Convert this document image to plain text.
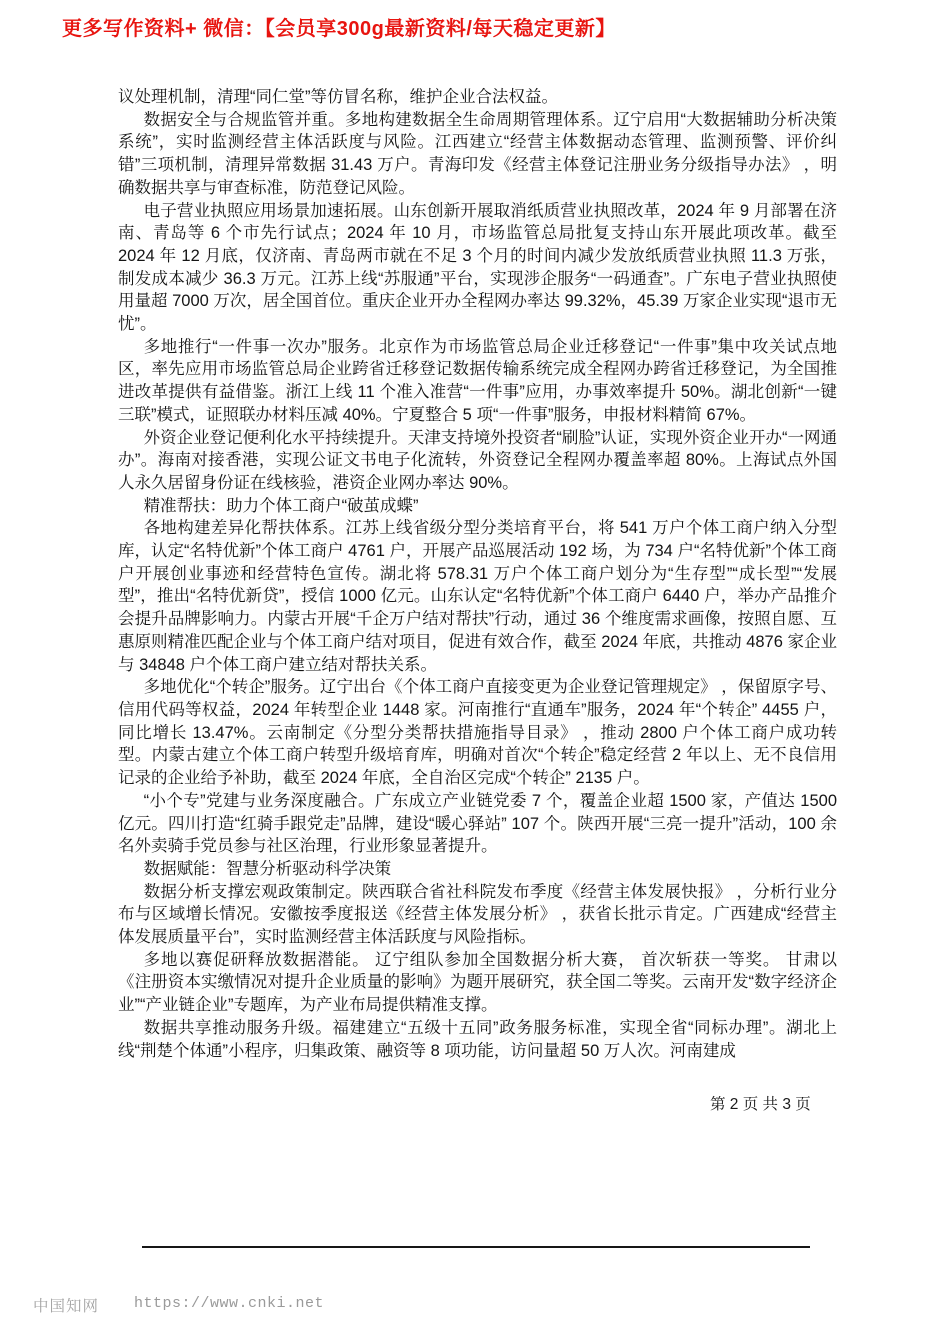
更多写作资料+ 微信：【会员享300g最新资料/每天稳定更新】

议处理机制，清理“同仁堂”等仿冒名称，维护企业合法权益。

数据安全与合规监管并重。多地构建数据全生命周期管理体系。辽宁启用“大数据辅助分析决策系统”，实时监测经营主体活跃度与风险。江西建立“经营主体数据动态管理、监测预警、评价纠错”三项机制，清理异常数据 31.43 万户。青海印发《经营主体登记注册业务分级指导办法》 ，明确数据共享与审查标准，防范登记风险。

电子营业执照应用场景加速拓展。山东创新开展取消纸质营业执照改革，2024 年 9 月部署在济南、青岛等 6 个市先行试点；2024 年 10 月，市场监管总局批复支持山东开展此项改革。截至 2024 年 12 月底，仅济南、青岛两市就在不足 3 个月的时间内减少发放纸质营业执照 11.3 万张，制发成本减少 36.3 万元。江苏上线“苏服通”平台，实现涉企服务“一码通查”。广东电子营业执照使用量超 7000 万次，居全国首位。重庆企业开办全程网办率达 99.32%，45.39 万家企业实现“退市无忧”。

多地推行“一件事一次办”服务。北京作为市场监管总局企业迁移登记“一件事”集中攻关试点地区，率先应用市场监管总局企业跨省迁移登记数据传输系统完成全程网办跨省迁移登记，为全国推进改革提供有益借鉴。浙江上线 11 个准入准营“一件事”应用，办事效率提升 50%。湖北创新“一键三联”模式，证照联办材料压减 40%。宁夏整合 5 项“一件事”服务，申报材料精简 67%。

外资企业登记便利化水平持续提升。天津支持境外投资者“刷脸”认证，实现外资企业开办“一网通办”。海南对接香港，实现公证文书电子化流转，外资登记全程网办覆盖率超 80%。上海试点外国人永久居留身份证在线核验，港资企业网办率达 90%。

精准帮扶：助力个体工商户“破茧成蝶”

各地构建差异化帮扶体系。江苏上线省级分型分类培育平台，将 541 万户个体工商户纳入分型库，认定“名特优新”个体工商户 4761 户，开展产品巡展活动 192 场，为 734 户“名特优新”个体工商户开展创业事迹和经营特色宣传。湖北将 578.31 万户个体工商户划分为“生存型”“成长型”“发展型”，推出“名特优新贷”，授信 1000 亿元。山东认定“名特优新”个体工商户 6440 户，举办产品推介会提升品牌影响力。内蒙古开展“千企万户结对帮扶”行动，通过 36 个维度需求画像，按照自愿、互惠原则精准匹配企业与个体工商户结对项目，促进有效合作，截至 2024 年底，共推动 4876 家企业与 34848 户个体工商户建立结对帮扶关系。

多地优化“个转企”服务。辽宁出台《个体工商户直接变更为企业登记管理规定》 ，保留原字号、信用代码等权益，2024 年转型企业 1448 家。河南推行“直通车”服务，2024 年“个转企” 4455 户，同比增长 13.47%。云南制定《分型分类帮扶措施指导目录》 ，推动 2800 户个体工商户成功转型。内蒙古建立个体工商户转型升级培育库，明确对首次“个转企”稳定经营 2 年以上、无不良信用记录的企业给予补助，截至 2024 年底，全自治区完成“个转企” 2135 户。

“小个专”党建与业务深度融合。广东成立产业链党委 7 个，覆盖企业超 1500 家，产值达 1500 亿元。四川打造“红骑手跟党走”品牌，建设“暖心驿站” 107 个。陕西开展“三亮一提升”活动，100 余名外卖骑手党员参与社区治理，行业形象显著提升。

数据赋能：智慧分析驱动科学决策

数据分析支撑宏观政策制定。陕西联合省社科院发布季度《经营主体发展快报》 ，分析行业分布与区域增长情况。安徽按季度报送《经营主体发展分析》 ，获省长批示肯定。广西建成“经营主体发展质量平台”，实时监测经营主体活跃度与风险指标。

多地以赛促研释放数据潜能。 辽宁组队参加全国数据分析大赛， 首次斩获一等奖。 甘肃以 《注册资本实缴情况对提升企业质量的影响》为题开展研究，获全国二等奖。云南开发“数字经济企业”“产业链企业”专题库，为产业布局提供精准支撑。

数据共享推动服务升级。福建建立“五级十五同”政务服务标准，实现全省“同标办理”。湖北上线“荆楚个体通”小程序，归集政策、融资等 8 项功能，访问量超 50 万人次。河南建成

第 2 页 共 3 页
中国知网 https://www.cnki.net
